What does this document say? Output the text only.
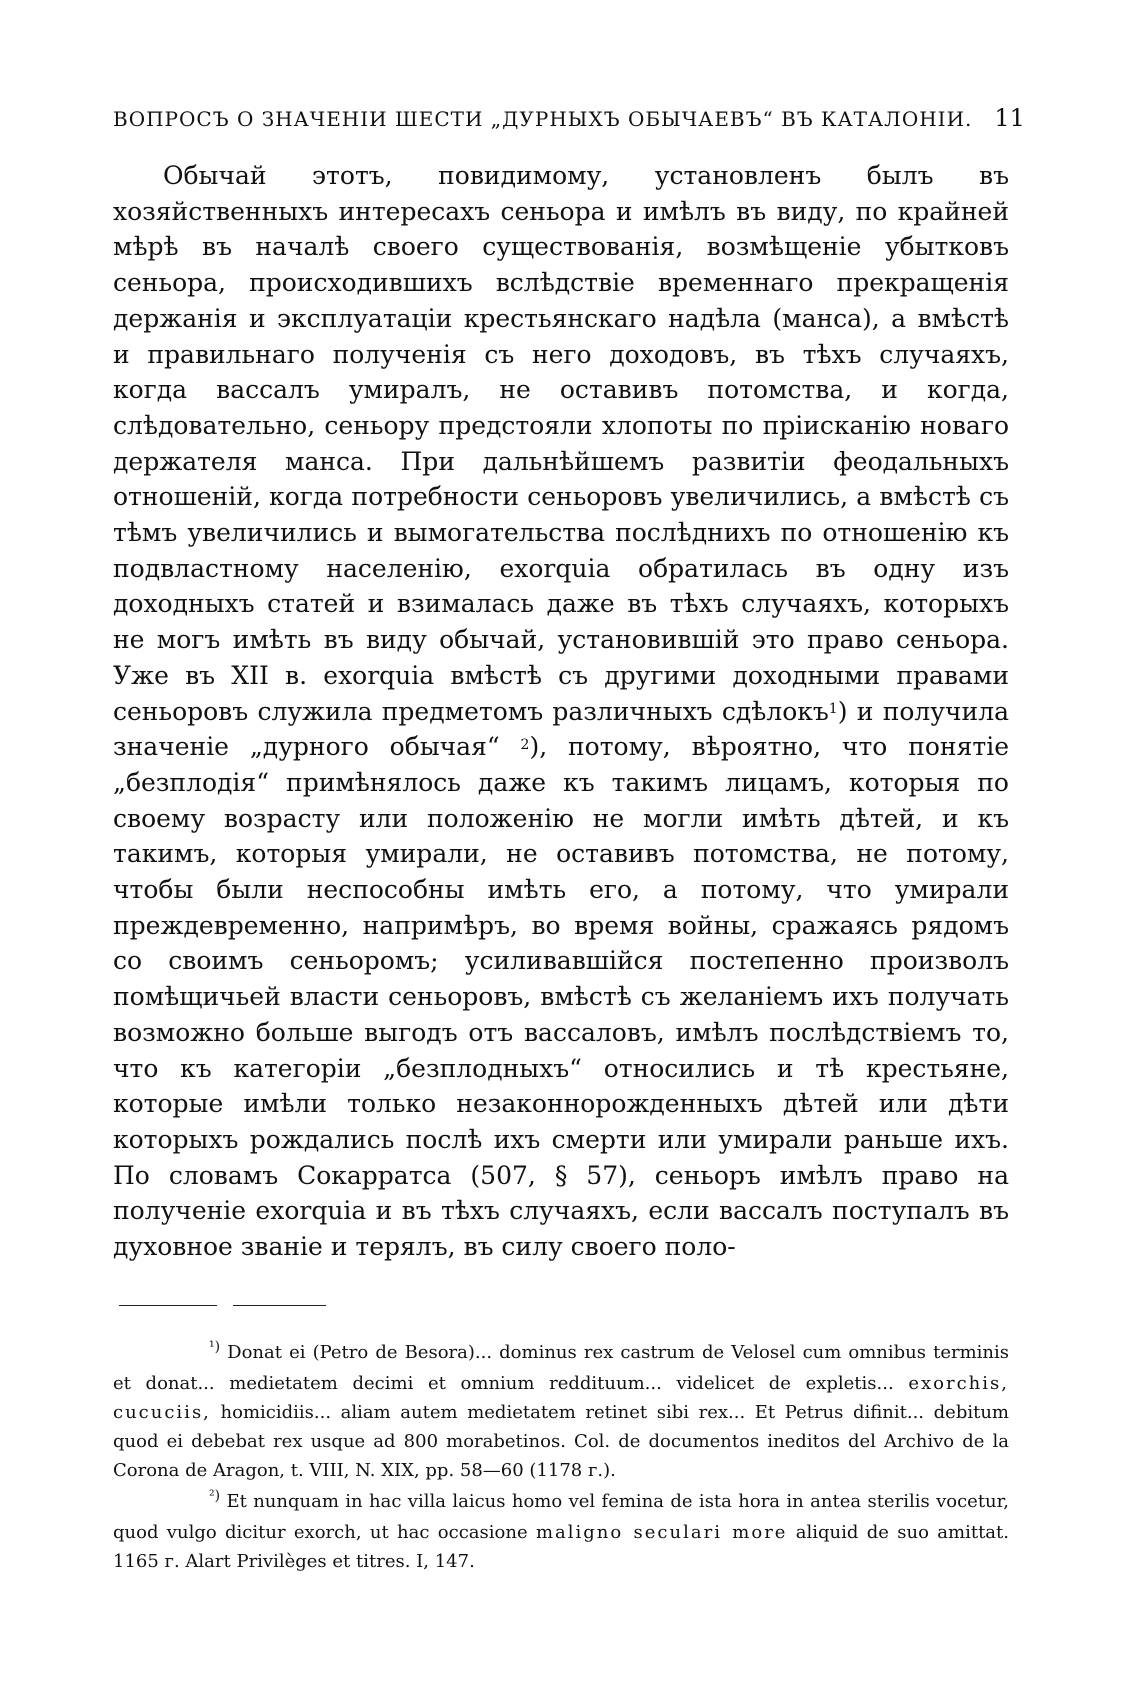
ВОПРОСЪ О ЗНАЧЕНІИ ШЕСТИ „ДУРНЫХЪ ОБЫЧАЕВЪ“ ВЪ КАТАЛОНІИ. 11

Обычай этотъ, повидимому, установленъ былъ въ хозяйственныхъ интересахъ сеньора и имѣлъ въ виду, по крайней мѣрѣ въ началѣ своего существованія, возмѣщеніе убытковъ сеньора, происходившихъ вслѣдствіе временнаго прекращенія держанія и эксплуатаціи крестьянскаго надѣла (манса), а вмѣстѣ и правильнаго полученія съ него доходовъ, въ тѣхъ случаяхъ, когда вассалъ умиралъ, не оставивъ потомства, и когда, слѣдовательно, сеньору предстояли хлопоты по пріисканію новаго держателя манса. При дальнѣйшемъ развитіи феодальныхъ отношеній, когда потребности сеньоровъ увеличились, а вмѣстѣ съ тѣмъ увеличились и вымогательства послѣднихъ по отношенію къ подвластному населенію, exorquia обратилась въ одну изъ доходныхъ статей и взималась даже въ тѣхъ случаяхъ, которыхъ не могъ имѣть въ виду обычай, установившій это право сеньора. Уже въ XII в. exorquia вмѣстѣ съ другими доходными правами сеньоровъ служила предметомъ различныхъ сдѣлокъ$^1$) и получила значеніе „дурного обычая“ $^2$), потому, вѣроятно, что понятіе „безплодія“ примѣнялось даже къ такимъ лицамъ, которыя по своему возрасту или положенію не могли имѣть дѣтей, и къ такимъ, которыя умирали, не оставивъ потомства, не потому, чтобы были неспособны имѣть его, а потому, что умирали преждевременно, напримѣръ, во время войны, сражаясь рядомъ со своимъ сеньоромъ; усиливавшійся постепенно произволъ помѣщичьей власти сеньоровъ, вмѣстѣ съ желаніемъ ихъ получать возможно больше выгодъ отъ вассаловъ, имѣлъ послѣдствіемъ то, что къ категоріи „безплодныхъ“ относились и тѣ крестьяне, которые имѣли только незаконнорожденныхъ дѣтей или дѣти которыхъ рождались послѣ ихъ смерти или умирали раньше ихъ. По словамъ Сокарратса (507, § 57), сеньоръ имѣлъ право на полученіе exorquia и въ тѣхъ случаяхъ, если вассалъ поступалъ въ духовное званіе и терялъ, въ силу своего поло-

¹) Donat ei (Petro de Besora)... dominus rex castrum de Velosel cum omnibus terminis et donat... medietatem decimi et omnium reddituum... videlicet de expletis... exorchis, cucuciis, homicidiis... aliam autem medietatem retinet sibi rex... Et Petrus difinit... debitum quod ei debebat rex usque ad 800 morabetinos. Col. de documentos ineditos del Archivo de la Corona de Aragon, t. VIII, N. XIX, pp. 58—60 (1178 г.).

²) Et nunquam in hac villa laicus homo vel femina de ista hora in antea sterilis vocetur, quod vulgo dicitur exorch, ut hac occasione maligno seculari more aliquid de suo amittat. 1165 г. Alart Privilèges et titres. I, 147.
